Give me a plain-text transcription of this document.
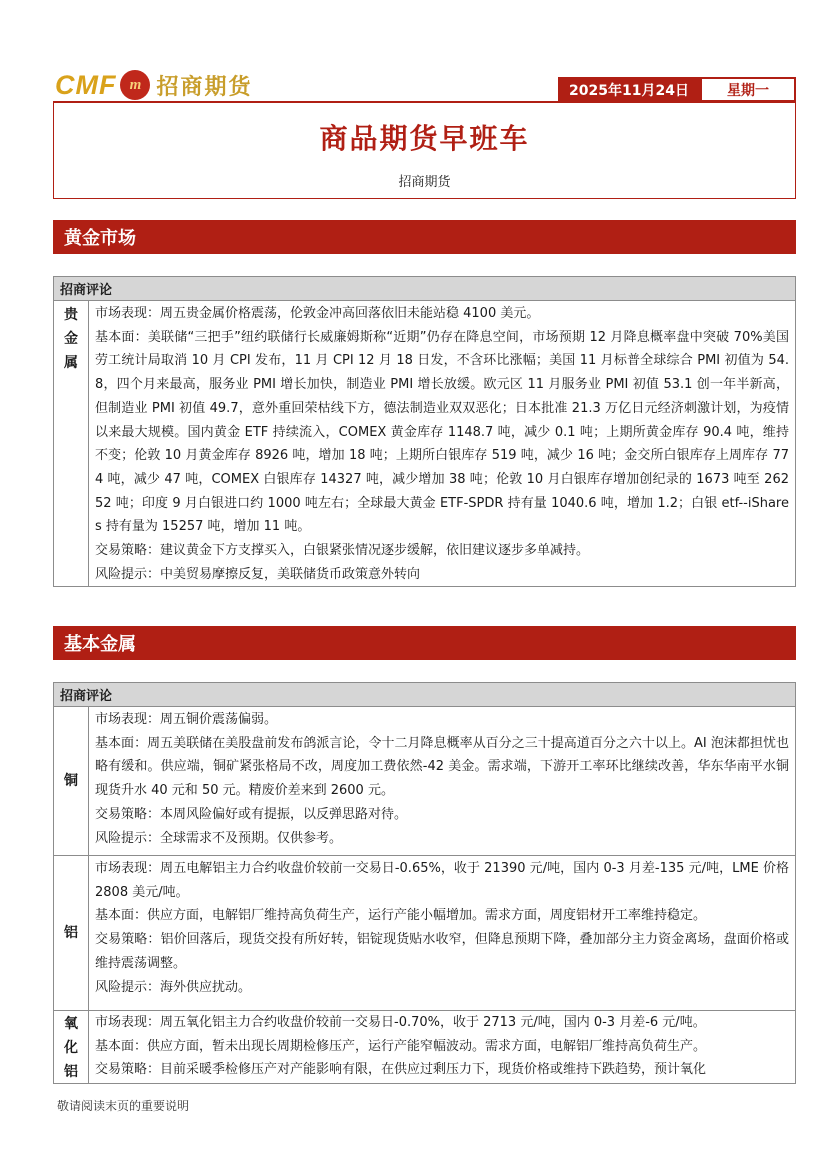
CMF m 招商期货	2025年11月24日	星期一
商品期货早班车
招商期货
黄金市场
招商评论
贵金属

市场表现：周五贵金属价格震荡，伦敦金冲高回落依旧未能站稳 4100 美元。

基本面：美联储“三把手”纽约联储行长威廉姆斯称“近期”仍存在降息空间，市场预期 12 月降息概率盘中突破 70%美国劳工统计局取消 10 月 CPI 发布，11 月 CPI 12 月 18 日发，不含环比涨幅；美国 11 月标普全球综合 PMI 初值为 54.8，四个月来最高，服务业 PMI 增长加快，制造业 PMI 增长放缓。欧元区 11 月服务业 PMI 初值 53.1 创一年半新高，但制造业 PMI 初值 49.7，意外重回荣枯线下方，德法制造业双双恶化；日本批准 21.3 万亿日元经济刺激计划，为疫情以来最大规模。国内黄金 ETF 持续流入，COMEX 黄金库存 1148.7 吨，减少 0.1 吨；上期所黄金库存 90.4 吨，维持不变；伦敦 10 月黄金库存 8926 吨，增加 18 吨；上期所白银库存 519 吨，减少 16 吨；金交所白银库存上周库存 774 吨，减少 47 吨，COMEX 白银库存 14327 吨，减少增加 38 吨；伦敦 10 月白银库存增加创纪录的 1673 吨至 26252 吨；印度 9 月白银进口约 1000 吨左右；全球最大黄金 ETF-SPDR 持有量 1040.6 吨，增加 1.2；白银 etf--iShares 持有量为 15257 吨，增加 11 吨。

交易策略：建议黄金下方支撑买入，白银紧张情况逐步缓解，依旧建议逐步多单减持。

风险提示：中美贸易摩擦反复，美联储货币政策意外转向

基本金属
招商评论
铜

市场表现：周五铜价震荡偏弱。

基本面：周五美联储在美股盘前发布鸽派言论，令十二月降息概率从百分之三十提高道百分之六十以上。AI 泡沫都担忧也略有缓和。供应端，铜矿紧张格局不改，周度加工费依然-42 美金。需求端，下游开工率环比继续改善，华东华南平水铜现货升水 40 元和 50 元。精废价差来到 2600 元。

交易策略：本周风险偏好或有提振，以反弹思路对待。

风险提示：全球需求不及预期。仅供参考。

铝

市场表现：周五电解铝主力合约收盘价较前一交易日-0.65%，收于 21390 元/吨，国内 0-3 月差-135 元/吨，LME 价格 2808 美元/吨。

基本面：供应方面，电解铝厂维持高负荷生产，运行产能小幅增加。需求方面，周度铝材开工率维持稳定。

交易策略：铝价回落后，现货交投有所好转，铝锭现货贴水收窄，但降息预期下降，叠加部分主力资金离场，盘面价格或维持震荡调整。

风险提示：海外供应扰动。

氧化铝

市场表现：周五氧化铝主力合约收盘价较前一交易日-0.70%，收于 2713 元/吨，国内 0-3 月差-6 元/吨。

基本面：供应方面，暂未出现长周期检修压产，运行产能窄幅波动。需求方面，电解铝厂维持高负荷生产。

交易策略：目前采暖季检修压产对产能影响有限，在供应过剩压力下，现货价格或维持下跌趋势，预计氧化

敬请阅读末页的重要说明
